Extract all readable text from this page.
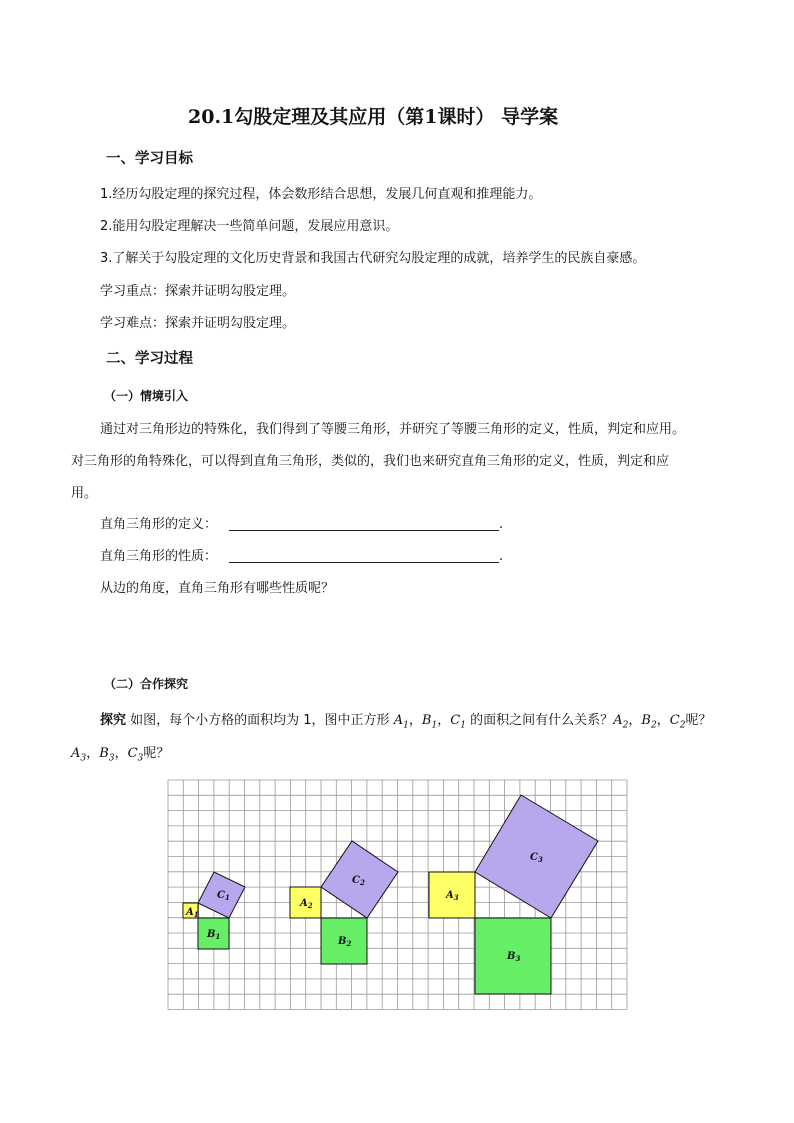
20.1勾股定理及其应用（第1课时） 导学案
一、学习目标
1.经历勾股定理的探究过程，体会数形结合思想，发展几何直观和推理能力。
2.能用勾股定理解决一些简单问题，发展应用意识。
3.了解关于勾股定理的文化历史背景和我国古代研究勾股定理的成就，培养学生的民族自豪感。
学习重点：探索并证明勾股定理。
学习难点：探索并证明勾股定理。
二、学习过程
（一）情境引入
通过对三角形边的特殊化，我们得到了等腰三角形，并研究了等腰三角形的定义，性质，判定和应用。
对三角形的角特殊化，可以得到直角三角形，类似的，我们也来研究直角三角形的定义，性质，判定和应
用。
直角三角形的定义：	.
直角三角形的性质：	.
从边的角度，直角三角形有哪些性质呢？
（二）合作探究
探究 如图，每个小方格的面积均为 1，图中正方形 $A_1$，$B_1$，$C_1$ 的面积之间有什么关系？$A_2$，$B_2$，$C_2$呢？
$A_3$，$B_3$，$C_3$呢？
$A_1$
$B_1$
$C_1$
$A_2$
$B_2$
$C_2$
$A_3$
$B_3$
$C_3$
